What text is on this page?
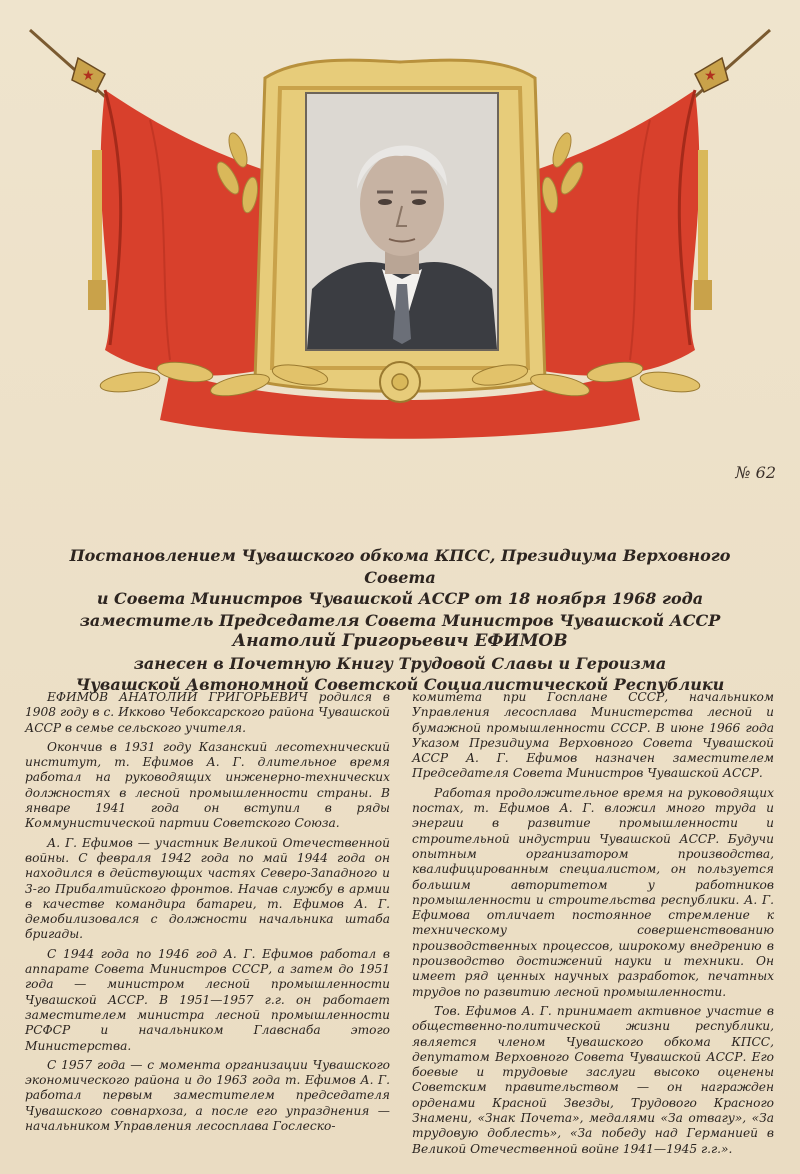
★	★
№ 62
Постановлением Чувашского обкома КПСС, Президиума Верховного Совета
и Совета Министров Чувашской АССР от 18 ноября 1968 года
заместитель Председателя Совета Министров Чувашской АССР
Анатолий Григорьевич ЕФИМОВ
занесен в Почетную Книгу Трудовой Славы и Героизма
Чувашской Автономной Советской Социалистической Республики

ЕФИМОВ АНАТОЛИЙ ГРИГОРЬЕВИЧ родился в 1908 году в с. Икково Чебоксарского района Чувашской АССР в семье сельского учителя.

Окончив в 1931 году Казанский лесотехнический институт, т. Ефимов А. Г. длительное время работал на руководящих инженерно-технических должностях в лесной промышленности страны. В январе 1941 года он вступил в ряды Коммунистической партии Советского Союза.

А. Г. Ефимов — участник Великой Отечественной войны. С февраля 1942 года по май 1944 года он находился в действующих частях Северо-Западного и 3-го Прибалтийского фронтов. Начав службу в армии в качестве командира батареи, т. Ефимов А. Г. демобилизовался с должности начальника штаба бригады.

С 1944 года по 1946 год А. Г. Ефимов работал в аппарате Совета Министров СССР, а затем до 1951 года — министром лесной промышленности Чувашской АССР. В 1951—1957 г.г. он работает заместителем министра лесной промышленности РСФСР и начальником Главснаба этого Министерства.

С 1957 года — с момента организации Чувашского экономического района и до 1963 года т. Ефимов А. Г. работал первым заместителем председателя Чувашского совнархоза, а после его упразднения — начальником Управления лесосплава Гослеско-

комитета при Госплане СССР, начальником Управления лесосплава Министерства лесной и бумажной промышленности СССР. В июне 1966 года Указом Президиума Верховного Совета Чувашской АССР А. Г. Ефимов назначен заместителем Председателя Совета Министров Чувашской АССР.

Работая продолжительное время на руководящих постах, т. Ефимов А. Г. вложил много труда и энергии в развитие промышленности и строительной индустрии Чувашской АССР. Будучи опытным организатором производства, квалифицированным специалистом, он пользуется большим авторитетом у работников промышленности и строительства республики. А. Г. Ефимова отличает постоянное стремление к техническому совершенствованию производственных процессов, широкому внедрению в производство достижений науки и техники. Он имеет ряд ценных научных разработок, печатных трудов по развитию лесной промышленности.

Тов. Ефимов А. Г. принимает активное участие в общественно-политической жизни республики, является членом Чувашского обкома КПСС, депутатом Верховного Совета Чувашской АССР. Его боевые и трудовые заслуги высоко оценены Советским правительством — он награжден орденами Красной Звезды, Трудового Красного Знамени, «Знак Почета», медалями «За отвагу», «За трудовую доблесть», «За победу над Германией в Великой Отечественной войне 1941—1945 г.г.».
